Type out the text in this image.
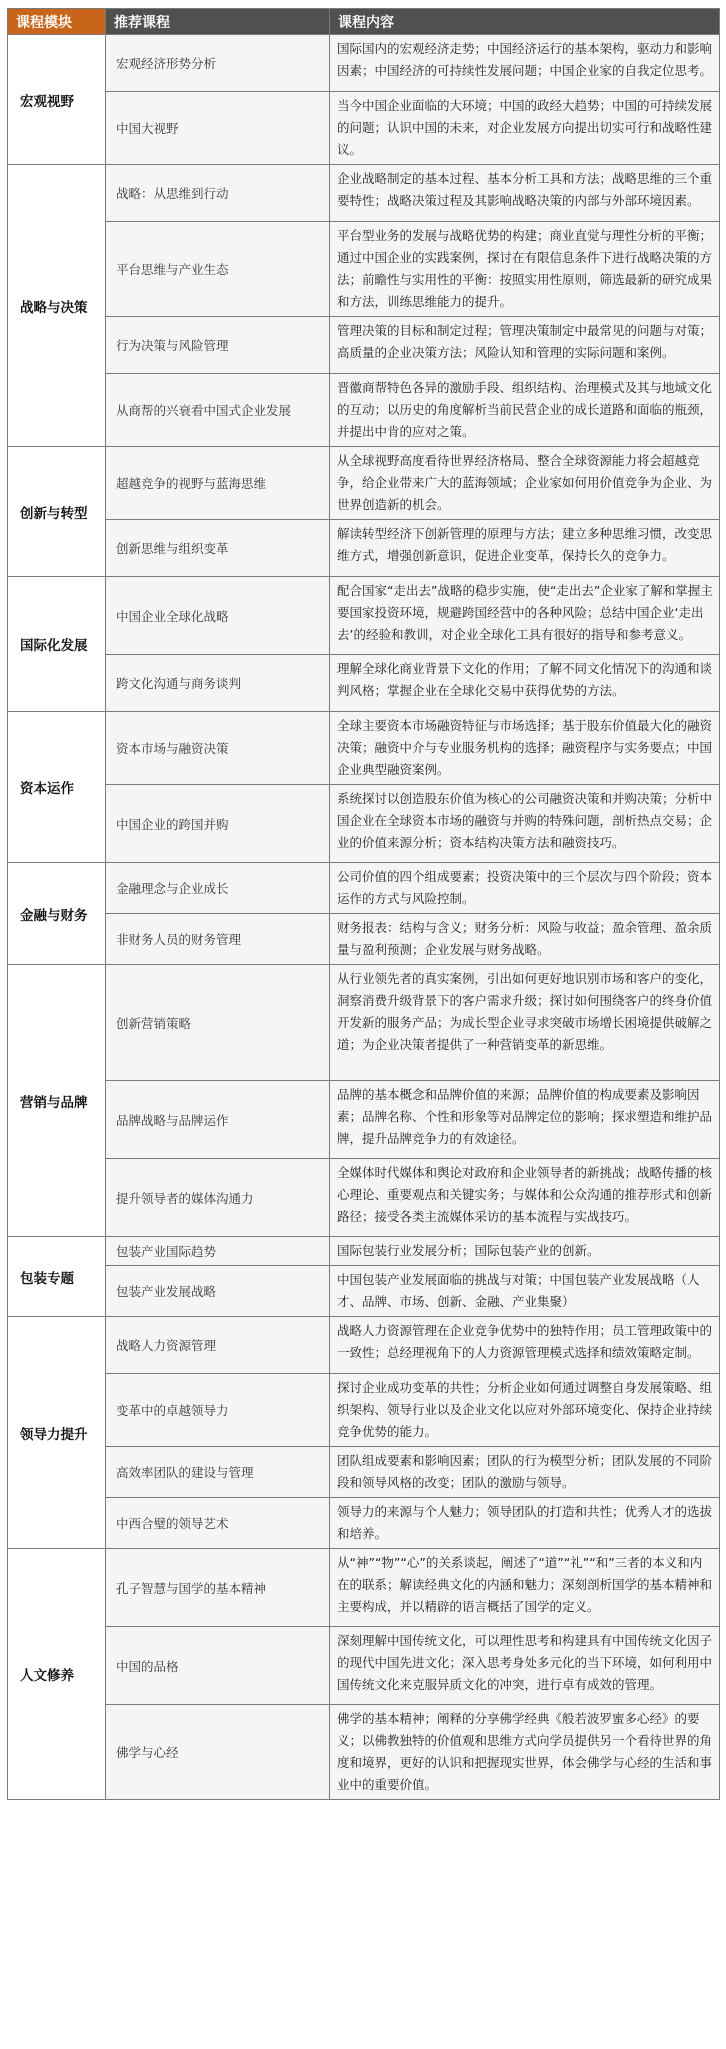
课程模块	推荐课程	课程内容
宏观视野	宏观经济形势分析	国际国内的宏观经济走势；中国经济运行的基本架构，驱动力和影响因素；中国经济的可持续性发展问题；中国企业家的自我定位思考。
	中国大视野	当今中国企业面临的大环境；中国的政经大趋势；中国的可持续发展的问题；认识中国的未来，对企业发展方向提出切实可行和战略性建议。
战略与决策	战略：从思维到行动	企业战略制定的基本过程、基本分析工具和方法；战略思维的三个重要特性；战略决策过程及其影响战略决策的内部与外部环境因素。
	平台思维与产业生态	平台型业务的发展与战略优势的构建；商业直觉与理性分析的平衡；通过中国企业的实践案例，探讨在有限信息条件下进行战略决策的方法；前瞻性与实用性的平衡：按照实用性原则，筛选最新的研究成果和方法，训练思维能力的提升。
	行为决策与风险管理	管理决策的目标和制定过程；管理决策制定中最常见的问题与对策；高质量的企业决策方法；风险认知和管理的实际问题和案例。
	从商帮的兴衰看中国式企业发展	晋徽商帮特色各异的激励手段、组织结构、治理模式及其与地域文化的互动；以历史的角度解析当前民营企业的成长道路和面临的瓶颈，并提出中肯的应对之策。
创新与转型	超越竞争的视野与蓝海思维	从全球视野高度看待世界经济格局、整合全球资源能力将会超越竞争，给企业带来广大的蓝海领域；企业家如何用价值竞争为企业、为世界创造新的机会。
	创新思维与组织变革	解读转型经济下创新管理的原理与方法；建立多种思维习惯，改变思维方式，增强创新意识，促进企业变革，保持长久的竞争力。
国际化发展	中国企业全球化战略	配合国家“走出去”战略的稳步实施，使“走出去”企业家了解和掌握主要国家投资环境，规避跨国经营中的各种风险；总结中国企业‘走出去’的经验和教训，对企业全球化工具有很好的指导和参考意义。
	跨文化沟通与商务谈判	理解全球化商业背景下文化的作用；了解不同文化情况下的沟通和谈判风格；掌握企业在全球化交易中获得优势的方法。
资本运作	资本市场与融资决策	全球主要资本市场融资特征与市场选择；基于股东价值最大化的融资决策；融资中介与专业服务机构的选择；融资程序与实务要点；中国企业典型融资案例。
	中国企业的跨国并购	系统探讨以创造股东价值为核心的公司融资决策和并购决策；分析中国企业在全球资本市场的融资与并购的特殊问题，剖析热点交易；企业的价值来源分析；资本结构决策方法和融资技巧。
金融与财务	金融理念与企业成长	公司价值的四个组成要素；投资决策中的三个层次与四个阶段；资本运作的方式与风险控制。
	非财务人员的财务管理	财务报表：结构与含义；财务分析：风险与收益；盈余管理、盈余质量与盈利预测；企业发展与财务战略。
营销与品牌	创新营销策略	从行业领先者的真实案例，引出如何更好地识别市场和客户的变化，洞察消费升级背景下的客户需求升级；探讨如何围绕客户的终身价值开发新的服务产品；为成长型企业寻求突破市场增长困境提供破解之道；为企业决策者提供了一种营销变革的新思维。
	品牌战略与品牌运作	品牌的基本概念和品牌价值的来源；品牌价值的构成要素及影响因素；品牌名称、个性和形象等对品牌定位的影响；探求塑造和维护品牌，提升品牌竞争力的有效途径。
	提升领导者的媒体沟通力	全媒体时代媒体和舆论对政府和企业领导者的新挑战；战略传播的核心理论、重要观点和关键实务；与媒体和公众沟通的推荐形式和创新路径；接受各类主流媒体采访的基本流程与实战技巧。
包装专题	包装产业国际趋势	国际包装行业发展分析；国际包装产业的创新。
	包装产业发展战略	中国包装产业发展面临的挑战与对策；中国包装产业发展战略（人才、品牌、市场、创新、金融、产业集聚）
领导力提升	战略人力资源管理	战略人力资源管理在企业竞争优势中的独特作用；员工管理政策中的一致性；总经理视角下的人力资源管理模式选择和绩效策略定制。
	变革中的卓越领导力	探讨企业成功变革的共性；分析企业如何通过调整自身发展策略、组织架构、领导行业以及企业文化以应对外部环境变化、保持企业持续竞争优势的能力。
	高效率团队的建设与管理	团队组成要素和影响因素；团队的行为模型分析；团队发展的不同阶段和领导风格的改变；团队的激励与领导。
	中西合璧的领导艺术	领导力的来源与个人魅力；领导团队的打造和共性；优秀人才的选拔和培养。
人文修养	孔子智慧与国学的基本精神	从“神”“物”“心”的关系谈起，阐述了“道”“礼”“和”三者的本义和内在的联系；解读经典文化的内涵和魅力；深刻剖析国学的基本精神和主要构成，并以精辟的语言概括了国学的定义。
	中国的品格	深刻理解中国传统文化，可以理性思考和构建具有中国传统文化因子的现代中国先进文化；深入思考身处多元化的当下环境，如何利用中国传统文化来克服异质文化的冲突，进行卓有成效的管理。
	佛学与心经	佛学的基本精神；阐释的分享佛学经典《般若波罗蜜多心经》的要义；以佛教独特的价值观和思维方式向学员提供另一个看待世界的角度和境界，更好的认识和把握现实世界，体会佛学与心经的生活和事业中的重要价值。
